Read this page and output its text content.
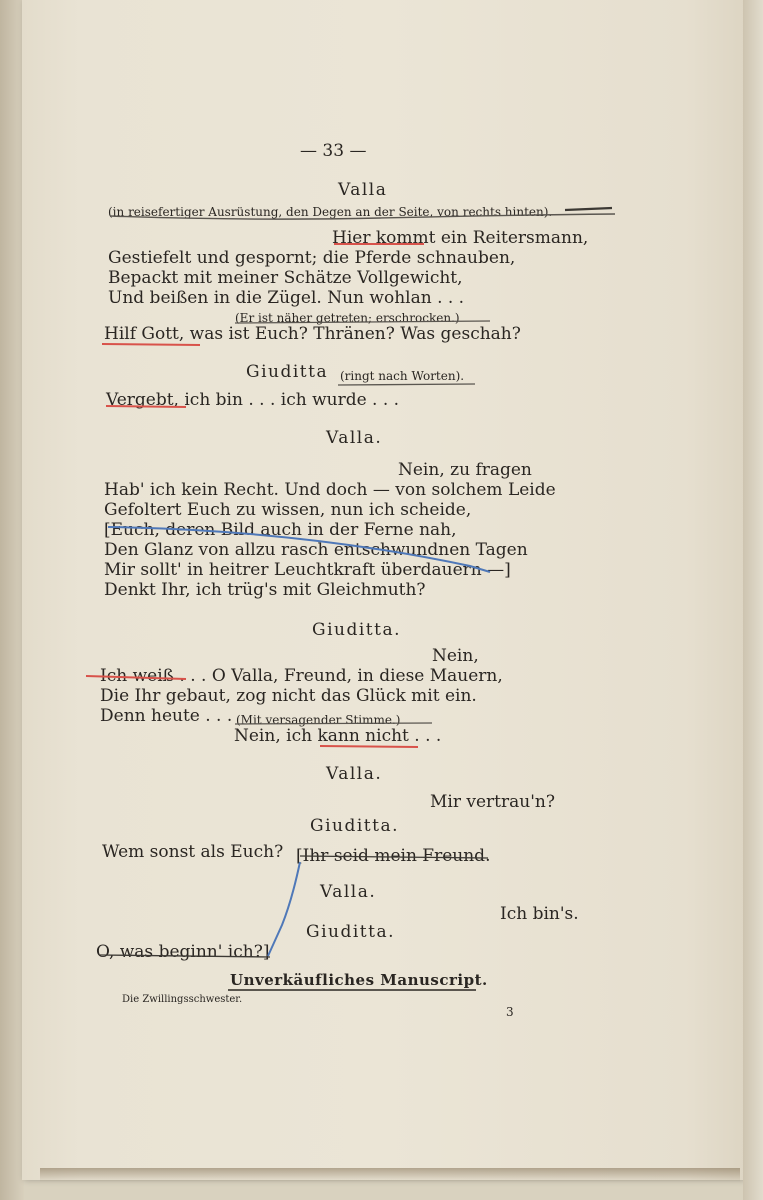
— 33 —
Valla
(in reisefertiger Ausrüstung, den Degen an der Seite, von rechts hinten).
Hier kommt ein Reitersmann,
Gestiefelt und gespornt; die Pferde schnauben,
Bepackt mit meiner Schätze Vollgewicht,
Und beißen in die Zügel. Nun wohlan . . .
(Er ist näher getreten; erschrocken.)
Hilf Gott, was ist Euch? Thränen? Was geschah?
Giuditta (ringt nach Worten).
Vergebt, ich bin . . . ich wurde . . .
Valla.
Nein, zu fragen
Hab' ich kein Recht. Und doch — von solchem Leide
Gefoltert Euch zu wissen, nun ich scheide,
[Euch, deren Bild auch in der Ferne nah,
Den Glanz von allzu rasch entschwundnen Tagen
Mir sollt' in heitrer Leuchtkraft überdauern —]
Denkt Ihr, ich trüg's mit Gleichmuth?
Giuditta.
Nein,
Ich weiß . . . O Valla, Freund, in diese Mauern,
Die Ihr gebaut, zog nicht das Glück mit ein.
Denn heute . . . (Mit versagender Stimme.)
Nein, ich kann nicht . . .
Valla.
Mir vertrau'n?
Giuditta.
Wem sonst als Euch? [Ihr seid mein Freund.
Valla.
Ich bin's.
Giuditta.
O, was beginn' ich?]
Unverkäufliches Manuscript.
Die Zwillingsschwester.
3
